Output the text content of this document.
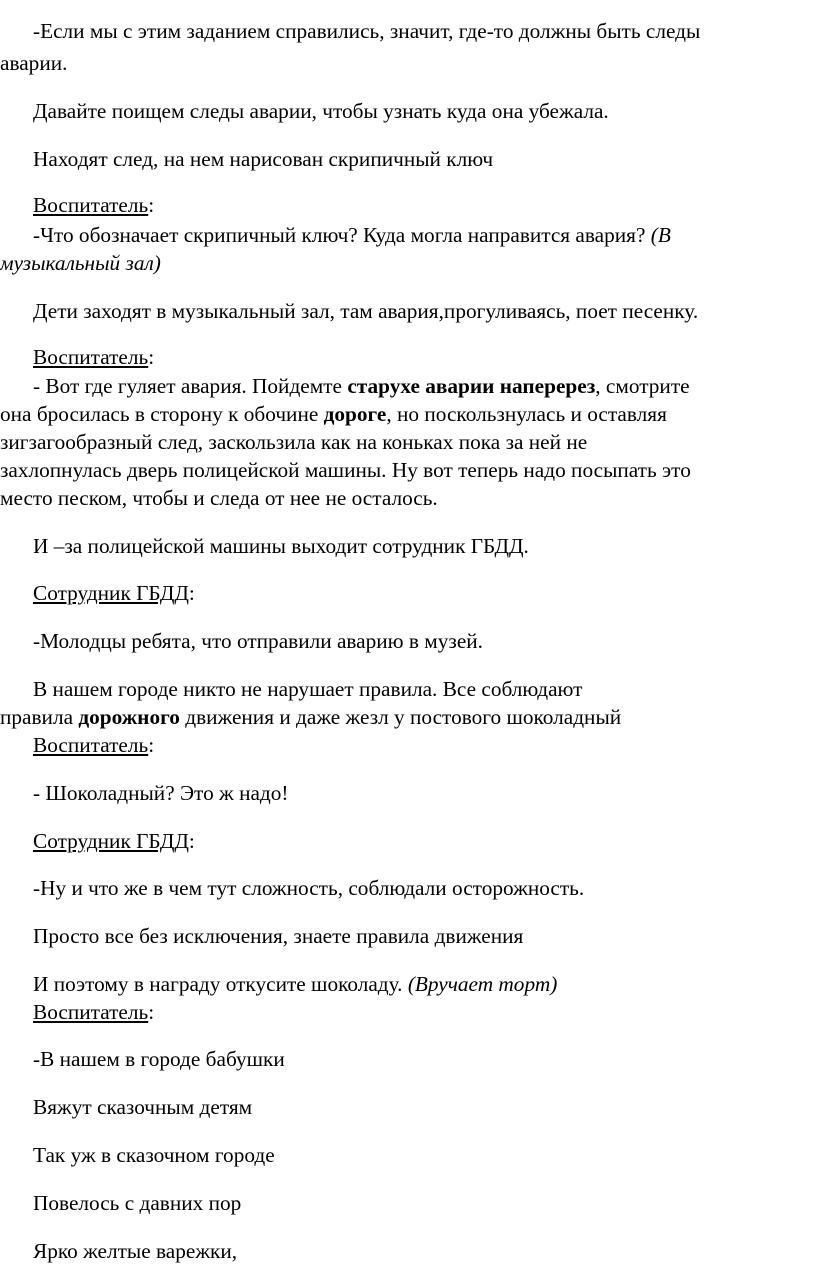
-Если мы с этим заданием справились, значит, где-то должны быть следы
аварии.
Давайте поищем следы аварии, чтобы узнать куда она убежала.
Находят след, на нем нарисован скрипичный ключ
Воспитатель:
-Что обозначает скрипичный ключ? Куда могла направится авария? (В
музыкальный зал)
Дети заходят в музыкальный зал, там авария,прогуливаясь, поет песенку.
Воспитатель:
- Вот где гуляет авария. Пойдемте старухе аварии наперерез, смотрите
она бросилась в сторону к обочине дороге, но поскользнулась и оставляя
зигзагообразный след, заскользила как на коньках пока за ней не
захлопнулась дверь полицейской машины. Ну вот теперь надо посыпать это
место песком, чтобы и следа от нее не осталось.
И –за полицейской машины выходит сотрудник ГБДД.
Сотрудник ГБДД:
-Молодцы ребята, что отправили аварию в музей.
В нашем городе никто не нарушает правила. Все соблюдают
правила дорожного движения и даже жезл у постового шоколадный
Воспитатель:
- Шоколадный? Это ж надо!
Сотрудник ГБДД:
-Ну и что же в чем тут сложность, соблюдали осторожность.
Просто все без исключения, знаете правила движения
И поэтому в награду откусите шоколаду. (Вручает торт)
Воспитатель:
-В нашем в городе бабушки
Вяжут сказочным детям
Так уж в сказочном городе
Повелось с давних пор
Ярко желтые варежки,
